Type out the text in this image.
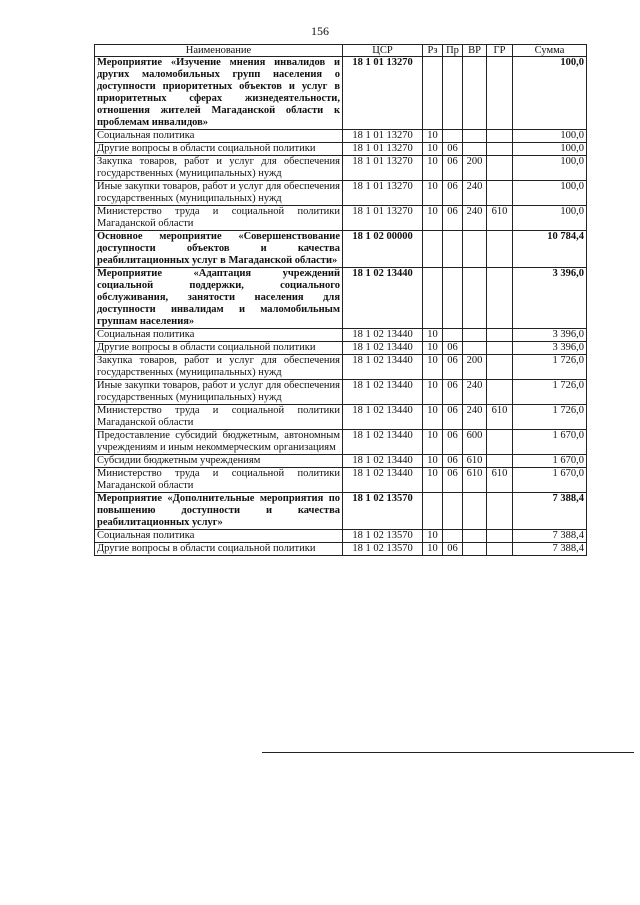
156
Наименование	ЦСР	Рз	Пр	ВР	ГР	Сумма
Мероприятие «Изучение мнения инвалидов и других маломобильных групп населения о доступности приоритетных объектов и услуг в приоритетных сферах жизнедеятельности, отношения жителей Магаданской области к проблемам инвалидов»	18 1 01 13270					100,0
Социальная политика	18 1 01 13270	10				100,0
Другие вопросы в области социальной политики	18 1 01 13270	10	06			100,0
Закупка товаров, работ и услуг для обеспечения государственных (муниципальных) нужд	18 1 01 13270	10	06	200		100,0
Иные закупки товаров, работ и услуг для обеспечения государственных (муниципальных) нужд	18 1 01 13270	10	06	240		100,0
Министерство труда и социальной политики Магаданской области	18 1 01 13270	10	06	240	610	100,0
Основное мероприятие «Совершенствование доступности объектов и качества реабилитационных услуг в Магаданской области»	18 1 02 00000					10 784,4
Мероприятие «Адаптация учреждений социальной поддержки, социального обслуживания, занятости населения для доступности инвалидам и маломобильным группам населения»	18 1 02 13440					3 396,0
Социальная политика	18 1 02 13440	10				3 396,0
Другие вопросы в области социальной политики	18 1 02 13440	10	06			3 396,0
Закупка товаров, работ и услуг для обеспечения государственных (муниципальных) нужд	18 1 02 13440	10	06	200		1 726,0
Иные закупки товаров, работ и услуг для обеспечения государственных (муниципальных) нужд	18 1 02 13440	10	06	240		1 726,0
Министерство труда и социальной политики Магаданской области	18 1 02 13440	10	06	240	610	1 726,0
Предоставление субсидий бюджетным, автономным учреждениям и иным некоммерческим организациям	18 1 02 13440	10	06	600		1 670,0
Субсидии бюджетным учреждениям	18 1 02 13440	10	06	610		1 670,0
Министерство труда и социальной политики Магаданской области	18 1 02 13440	10	06	610	610	1 670,0
Мероприятие «Дополнительные мероприятия по повышению доступности и качества реабилитационных услуг»	18 1 02 13570					7 388,4
Социальная политика	18 1 02 13570	10				7 388,4
Другие вопросы в области социальной политики	18 1 02 13570	10	06			7 388,4
